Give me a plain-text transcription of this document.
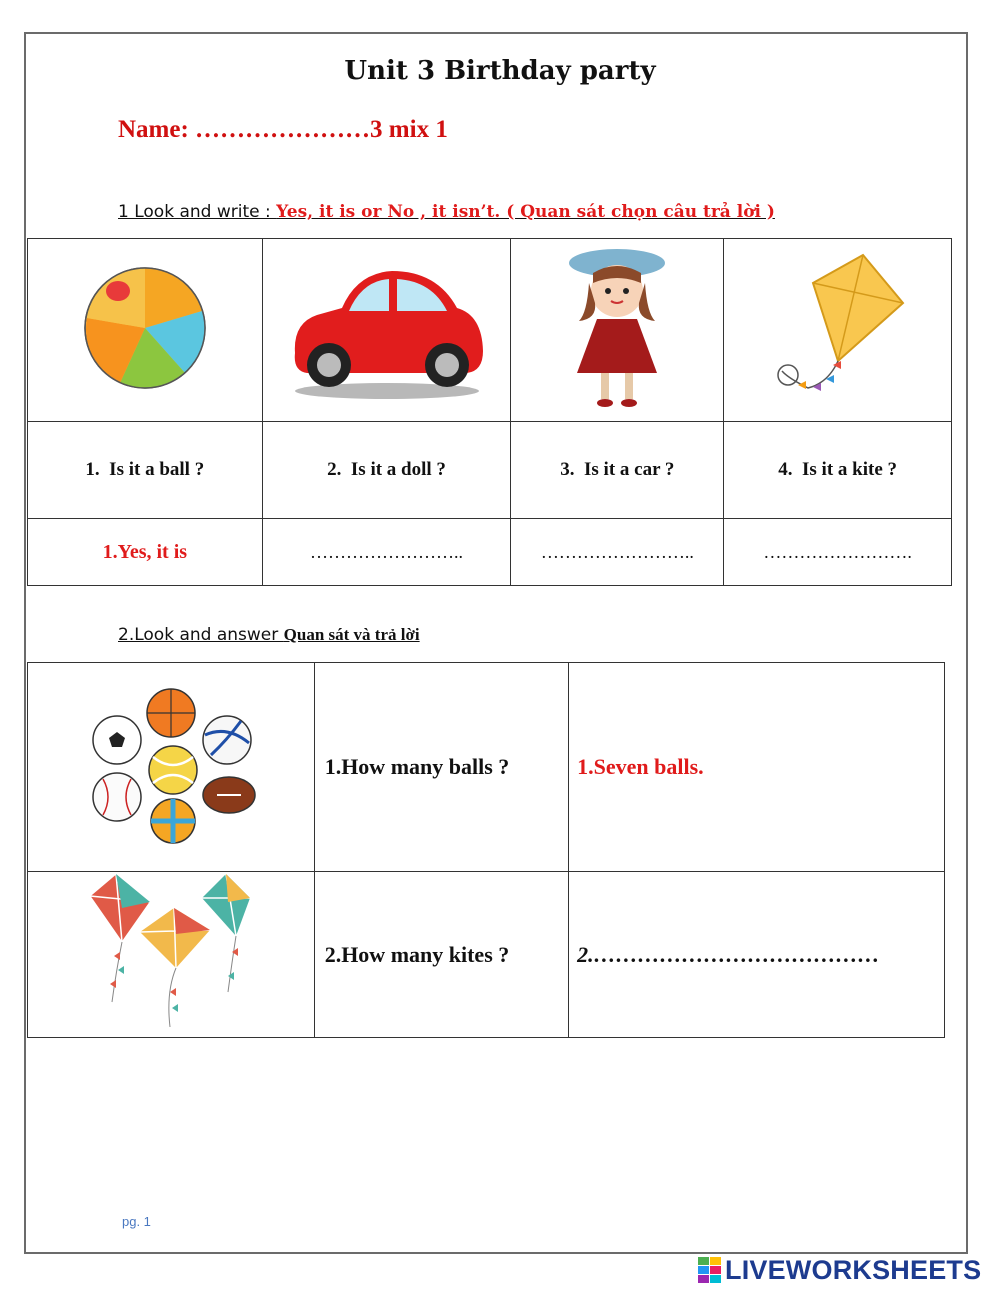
Unit 3 Birthday party
Name: …………………3 mix 1
1 Look and write : Yes, it is or No , it isn’t. ( Quan sát chọn câu trả lời )

1.  Is it a ball ?	2.  Is it a doll ?	3.  Is it a car ?	4.  Is it a kite ?
1.Yes, it is	……………………..	……………………..	…………………….
2.Look and answer Quan sát và trả lời
	1.How many balls ?	1.Seven balls.
	2.How many kites ?	2.…………………………………
pg. 1
LIVEWORKSHEETS
